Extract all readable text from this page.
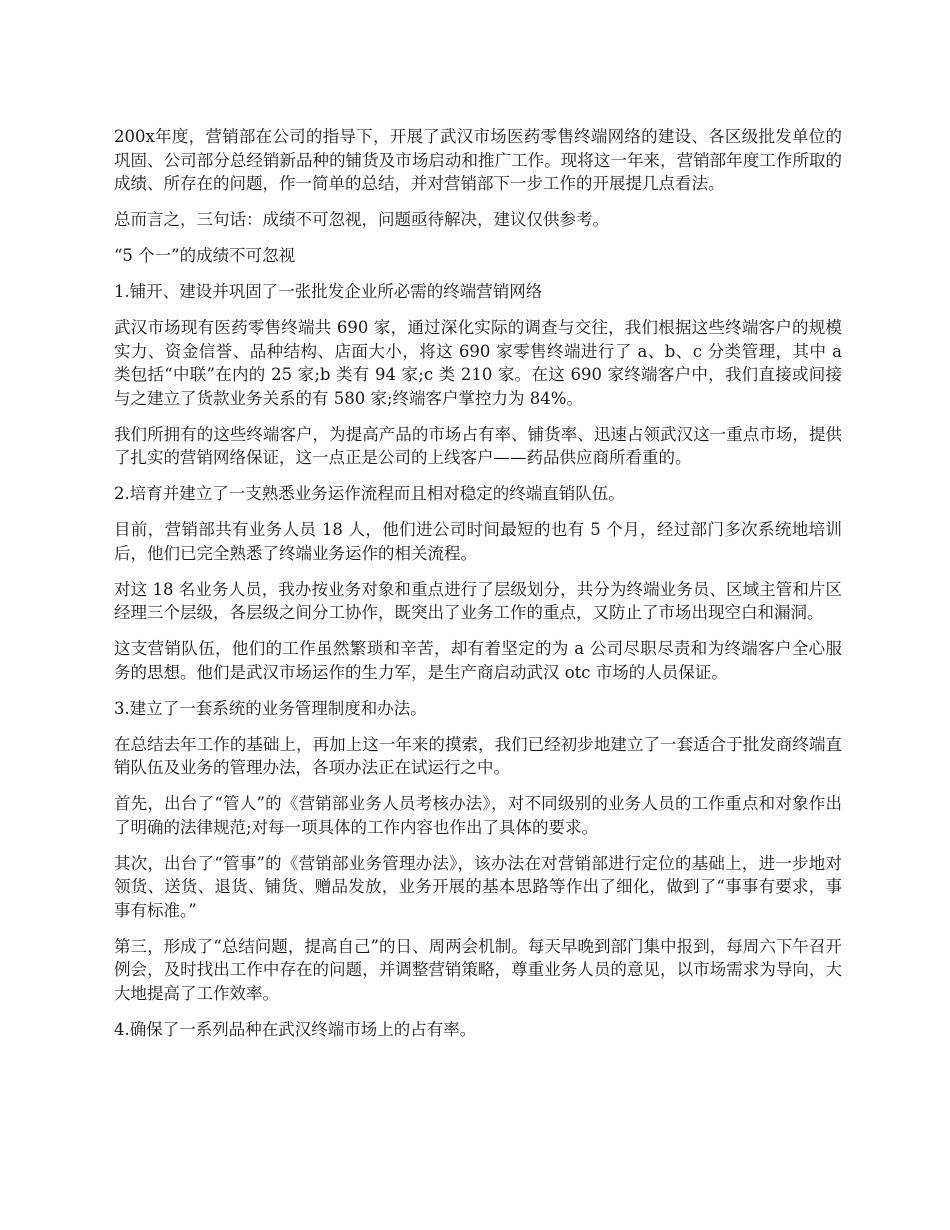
200x年度，营销部在公司的指导下，开展了武汉市场医药零售终端网络的建设、各区级批发单位的巩固、公司部分总经销新品种的铺货及市场启动和推广工作。现将这一年来，营销部年度工作所取的成绩、所存在的问题，作一简单的总结，并对营销部下一步工作的开展提几点看法。

总而言之，三句话：成绩不可忽视，问题亟待解决，建议仅供参考。

“5 个一”的成绩不可忽视

1.铺开、建设并巩固了一张批发企业所必需的终端营销网络

武汉市场现有医药零售终端共 690 家，通过深化实际的调查与交往，我们根据这些终端客户的规模实力、资金信誉、品种结构、店面大小，将这 690 家零售终端进行了 a、b、c 分类管理，其中 a 类包括“中联”在内的 25 家;b 类有 94 家;c 类 210 家。在这 690 家终端客户中，我们直接或间接与之建立了货款业务关系的有 580 家;终端客户掌控力为 84%。

我们所拥有的这些终端客户，为提高产品的市场占有率、铺货率、迅速占领武汉这一重点市场，提供了扎实的营销网络保证，这一点正是公司的上线客户——药品供应商所看重的。

2.培育并建立了一支熟悉业务运作流程而且相对稳定的终端直销队伍。

目前，营销部共有业务人员 18 人，他们进公司时间最短的也有 5 个月，经过部门多次系统地培训后，他们已完全熟悉了终端业务运作的相关流程。

对这 18 名业务人员，我办按业务对象和重点进行了层级划分，共分为终端业务员、区域主管和片区经理三个层级，各层级之间分工协作，既突出了业务工作的重点，又防止了市场出现空白和漏洞。

这支营销队伍，他们的工作虽然繁琐和辛苦，却有着坚定的为 a 公司尽职尽责和为终端客户全心服务的思想。他们是武汉市场运作的生力军，是生产商启动武汉 otc 市场的人员保证。

3.建立了一套系统的业务管理制度和办法。

在总结去年工作的基础上，再加上这一年来的摸索，我们已经初步地建立了一套适合于批发商终端直销队伍及业务的管理办法，各项办法正在试运行之中。

首先，出台了“管人”的《营销部业务人员考核办法》，对不同级别的业务人员的工作重点和对象作出了明确的法律规范;对每一项具体的工作内容也作出了具体的要求。

其次，出台了“管事”的《营销部业务管理办法》，该办法在对营销部进行定位的基础上，进一步地对领货、送货、退货、铺货、赠品发放，业务开展的基本思路等作出了细化，做到了“事事有要求，事事有标准。”

第三，形成了“总结问题，提高自己”的日、周两会机制。每天早晚到部门集中报到，每周六下午召开例会，及时找出工作中存在的问题，并调整营销策略，尊重业务人员的意见，以市场需求为导向，大大地提高了工作效率。

4.确保了一系列品种在武汉终端市场上的占有率。
